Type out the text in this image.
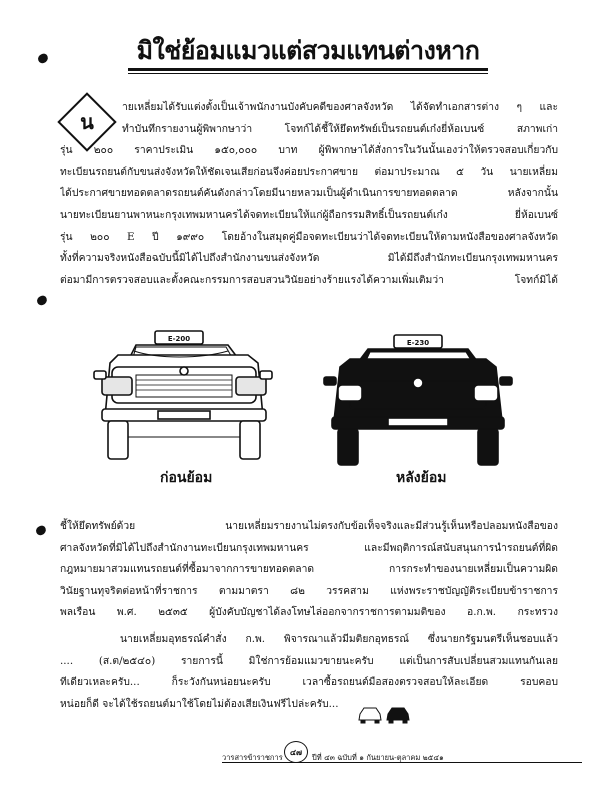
มิใช่ย้อมแมวแต่สวมแทนต่างหาก
น
ายเหลี่ยมได้รับแต่งตั้งเป็นเจ้าพนักงานบังคับคดีของศาลจังหวัด ได้จัดทำเอกสารต่าง ๆ และ
ทำบันทึกรายงานผู้พิพากษาว่า โจทก์ได้ชี้ให้ยึดทรัพย์เป็นรถยนต์เก๋งยี่ห้อเบนซ์ สภาพเก่า
รุ่น ๒๐๐ ราคาประเมิน ๑๕๐,๐๐๐ บาท ผู้พิพากษาได้สั่งการในวันนั้นเองว่าให้ตรวจสอบเกี่ยวกับ
ทะเบียนรถยนต์กับขนส่งจังหวัดให้ชัดเจนเสียก่อนจึงค่อยประกาศขาย ต่อมาประมาณ ๕ วัน นายเหลี่ยม
ได้ประกาศขายทอดตลาดรถยนต์คันดังกล่าวโดยมีนายหลวมเป็นผู้ดำเนินการขายทอดตลาด หลังจากนั้น
นายทะเบียนยานพาหนะกรุงเทพมหานครได้จดทะเบียนให้แก่ผู้ถือกรรมสิทธิ์เป็นรถยนต์เก๋ง ยี่ห้อเบนซ์
รุ่น ๒๐๐ E ปี ๑๙๙๐ โดยอ้างในสมุดคู่มือจดทะเบียนว่าได้จดทะเบียนให้ตามหนังสือของศาลจังหวัด
ทั้งที่ความจริงหนังสือฉบับนี้มิได้ไปถึงสำนักงานขนส่งจังหวัด มิได้มีถึงสำนักทะเบียนกรุงเทพมหานคร
ต่อมามีการตรวจสอบและตั้งคณะกรรมการสอบสวนวินัยอย่างร้ายแรงได้ความเพิ่มเติมว่า โจทก์มิได้
E-200	E-230
ก่อนย้อม	หลังย้อม
ชี้ให้ยึดทรัพย์ด้วย นายเหลี่ยมรายงานไม่ตรงกับข้อเท็จจริงและมีส่วนรู้เห็นหรือปลอมหนังสือของ
ศาลจังหวัดที่มิได้ไปถึงสำนักงานทะเบียนกรุงเทพมหานคร และมีพฤติการณ์สนับสนุนการนำรถยนต์ที่ผิด
กฎหมายมาสวมแทนรถยนต์ที่ซื้อมาจากการขายทอดตลาด การกระทำของนายเหลี่ยมเป็นความผิด
วินัยฐานทุจริตต่อหน้าที่ราชการ ตามมาตรา ๘๒ วรรคสาม แห่งพระราชบัญญัติระเบียบข้าราชการ
พลเรือน พ.ศ. ๒๕๓๕ ผู้บังคับบัญชาได้ลงโทษไล่ออกจากราชการตามมติของ อ.ก.พ. กระทรวง
นายเหลี่ยมอุทธรณ์คำสั่ง ก.พ. พิจารณาแล้วมีมติยกอุทธรณ์ ซึ่งนายกรัฐมนตรีเห็นชอบแล้ว
.... (ส.ต/๒๕๔๐) รายการนี้ มิใช่การย้อมแมวขายนะครับ แต่เป็นการสับเปลี่ยนสวมแทนกันเลย
ทีเดียวเหละครับ... ก็ระวังกันหน่อยนะครับ เวลาซื้อรถยนต์มือสองตรวจสอบให้ละเอียด รอบคอบ
หน่อยก็ดี จะได้ใช้รถยนต์มาใช้โดยไม่ต้องเสียเงินฟรีไปล่ะครับ...
วารสารข้าราชการ
๔๗
ปีที่ ๔๓ ฉบับที่ ๑ กันยายน-ตุลาคม ๒๕๔๑
